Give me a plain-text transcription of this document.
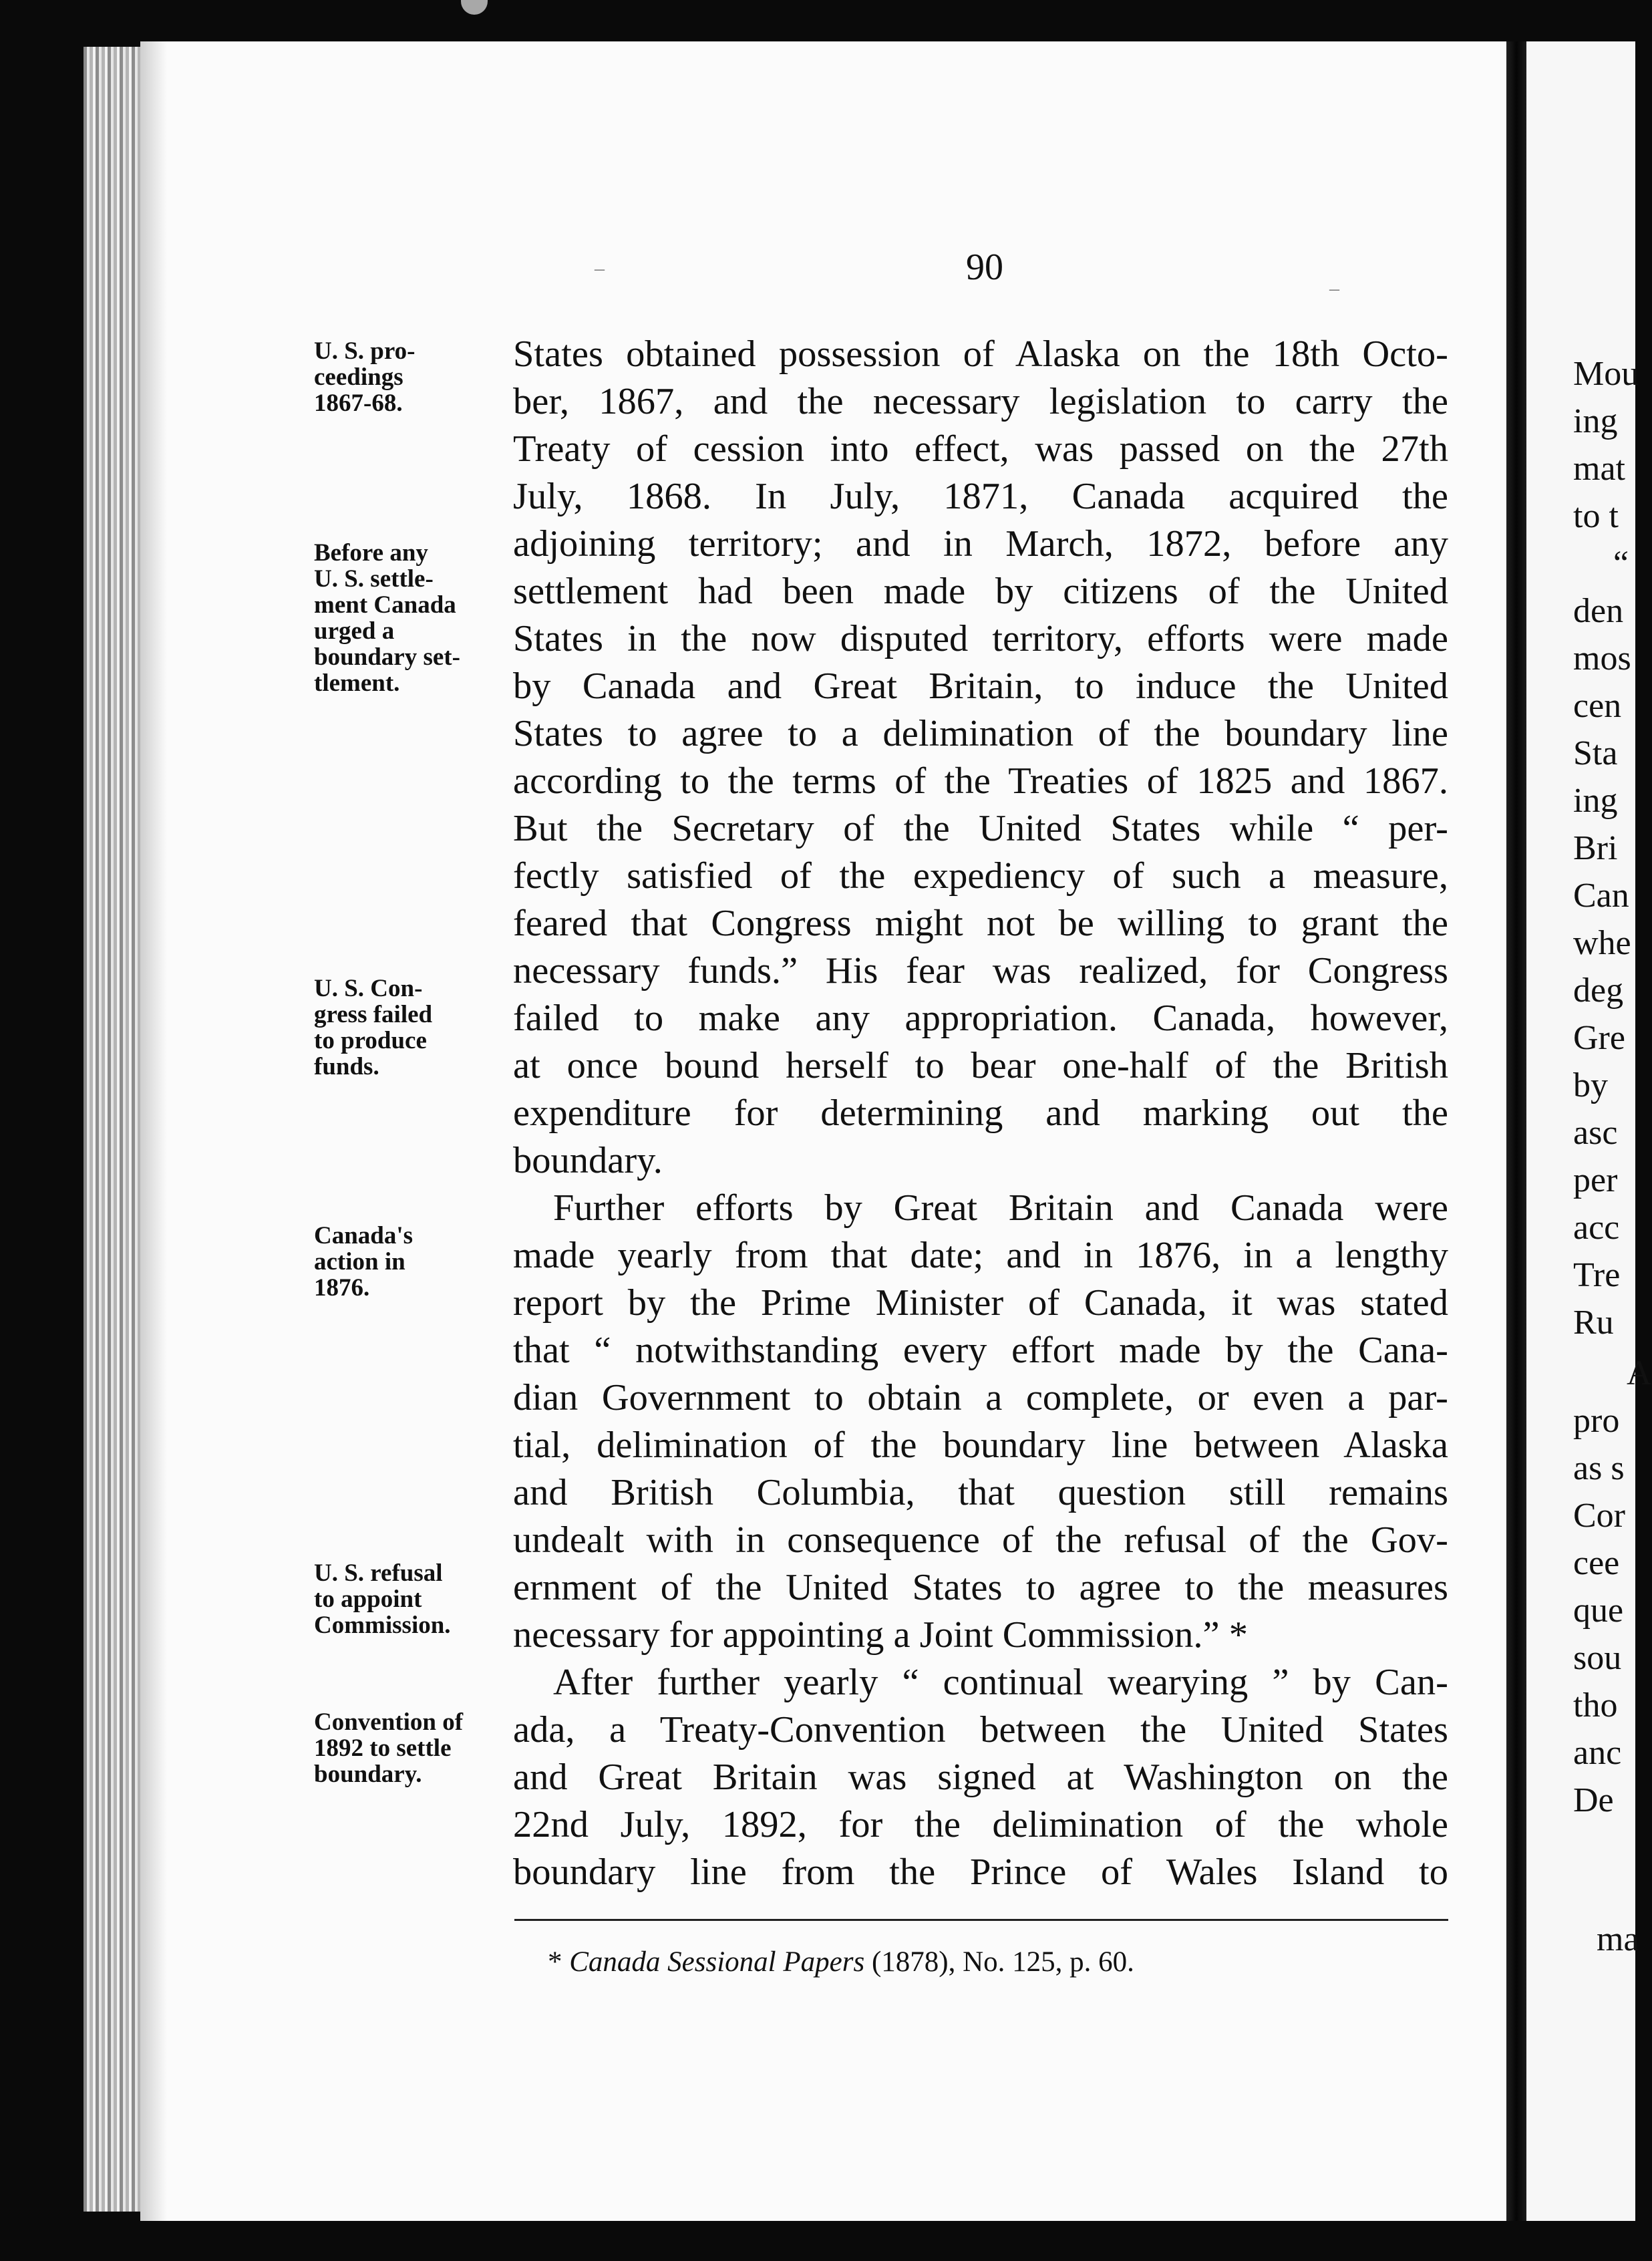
Mou
ing
mat
to t
“
den
mos
cen
Sta
ing
Bri
Can
whe
deg
Gre
by
asc
per
acc
Tre
Ru
A
pro
as s
Cor
cee
que
sou
tho
anc
De
ma
90
–
–
U. S. pro-
ceedings
1867-68.
Before any
U. S. settle-
ment Canada
urged a
boundary set-
tlement.
U. S. Con-
gress failed
to produce
funds.
Canada's
action in
1876.
U. S. refusal
to appoint
Commission.
Convention of
1892 to settle
boundary.
States obtained possession of Alaska on the 18th Octo-
ber, 1867, and the necessary legislation to carry the
Treaty of cession into effect, was passed on the 27th
July, 1868. In July, 1871, Canada acquired the
adjoining territory; and in March, 1872, before any
settlement had been made by citizens of the United
States in the now disputed territory, efforts were made
by Canada and Great Britain, to induce the United
States to agree to a delimination of the boundary line
according to the terms of the Treaties of 1825 and 1867.
But the Secretary of the United States while “ per-
fectly satisfied of the expediency of such a measure,
feared that Congress might not be willing to grant the
necessary funds.” His fear was realized, for Congress
failed to make any appropriation. Canada, however,
at once bound herself to bear one-half of the British
expenditure for determining and marking out the
boundary.
Further efforts by Great Britain and Canada were
made yearly from that date; and in 1876, in a lengthy
report by the Prime Minister of Canada, it was stated
that “ notwithstanding every effort made by the Cana-
dian Government to obtain a complete, or even a par-
tial, delimination of the boundary line between Alaska
and British Columbia, that question still remains
undealt with in consequence of the refusal of the Gov-
ernment of the United States to agree to the measures
necessary for appointing a Joint Commission.” *
After further yearly “ continual wearying ” by Can-
ada, a Treaty-Convention between the United States
and Great Britain was signed at Washington on the
22nd July, 1892, for the delimination of the whole
boundary line from the Prince of Wales Island to
* Canada Sessional Papers (1878), No. 125, p. 60.
